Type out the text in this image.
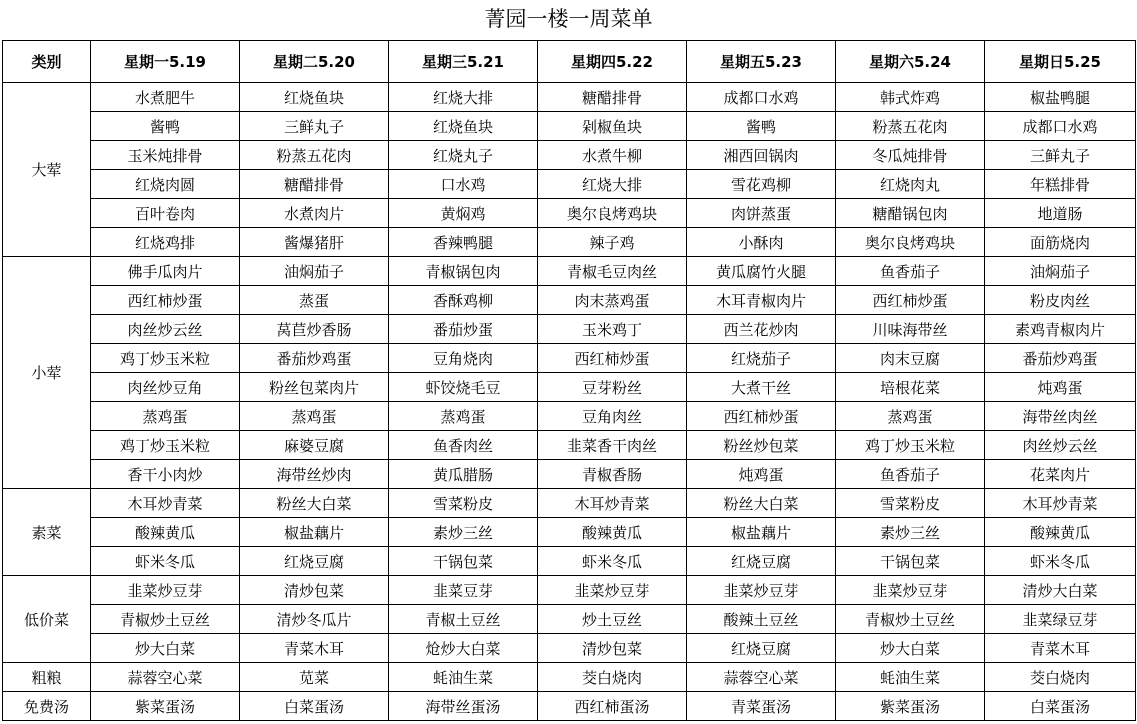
菁园一楼一周菜单
类别	星期一5.19	星期二5.20	星期三5.21	星期四5.22	星期五5.23	星期六5.24	星期日5.25
大荤	水煮肥牛	红烧鱼块	红烧大排	糖醋排骨	成都口水鸡	韩式炸鸡	椒盐鸭腿
	酱鸭	三鲜丸子	红烧鱼块	剁椒鱼块	酱鸭	粉蒸五花肉	成都口水鸡
	玉米炖排骨	粉蒸五花肉	红烧丸子	水煮牛柳	湘西回锅肉	冬瓜炖排骨	三鲜丸子
	红烧肉圆	糖醋排骨	口水鸡	红烧大排	雪花鸡柳	红烧肉丸	年糕排骨
	百叶卷肉	水煮肉片	黄焖鸡	奥尔良烤鸡块	肉饼蒸蛋	糖醋锅包肉	地道肠
	红烧鸡排	酱爆猪肝	香辣鸭腿	辣子鸡	小酥肉	奥尔良烤鸡块	面筋烧肉
小荤	佛手瓜肉片	油焖茄子	青椒锅包肉	青椒毛豆肉丝	黄瓜腐竹火腿	鱼香茄子	油焖茄子
	西红柿炒蛋	蒸蛋	香酥鸡柳	肉末蒸鸡蛋	木耳青椒肉片	西红柿炒蛋	粉皮肉丝
	肉丝炒云丝	莴苣炒香肠	番茄炒蛋	玉米鸡丁	西兰花炒肉	川味海带丝	素鸡青椒肉片
	鸡丁炒玉米粒	番茄炒鸡蛋	豆角烧肉	西红柿炒蛋	红烧茄子	肉末豆腐	番茄炒鸡蛋
	肉丝炒豆角	粉丝包菜肉片	虾饺烧毛豆	豆芽粉丝	大煮干丝	培根花菜	炖鸡蛋
	蒸鸡蛋	蒸鸡蛋	蒸鸡蛋	豆角肉丝	西红柿炒蛋	蒸鸡蛋	海带丝肉丝
	鸡丁炒玉米粒	麻婆豆腐	鱼香肉丝	韭菜香干肉丝	粉丝炒包菜	鸡丁炒玉米粒	肉丝炒云丝
	香干小肉炒	海带丝炒肉	黄瓜腊肠	青椒香肠	炖鸡蛋	鱼香茄子	花菜肉片
素菜	木耳炒青菜	粉丝大白菜	雪菜粉皮	木耳炒青菜	粉丝大白菜	雪菜粉皮	木耳炒青菜
	酸辣黄瓜	椒盐藕片	素炒三丝	酸辣黄瓜	椒盐藕片	素炒三丝	酸辣黄瓜
	虾米冬瓜	红烧豆腐	干锅包菜	虾米冬瓜	红烧豆腐	干锅包菜	虾米冬瓜
低价菜	韭菜炒豆芽	清炒包菜	韭菜豆芽	韭菜炒豆芽	韭菜炒豆芽	韭菜炒豆芽	清炒大白菜
	青椒炒土豆丝	清炒冬瓜片	青椒土豆丝	炒土豆丝	酸辣土豆丝	青椒炒土豆丝	韭菜绿豆芽
	炒大白菜	青菜木耳	炝炒大白菜	清炒包菜	红烧豆腐	炒大白菜	青菜木耳
粗粮	蒜蓉空心菜	苋菜	蚝油生菜	茭白烧肉	蒜蓉空心菜	蚝油生菜	茭白烧肉
免费汤	紫菜蛋汤	白菜蛋汤	海带丝蛋汤	西红柿蛋汤	青菜蛋汤	紫菜蛋汤	白菜蛋汤
